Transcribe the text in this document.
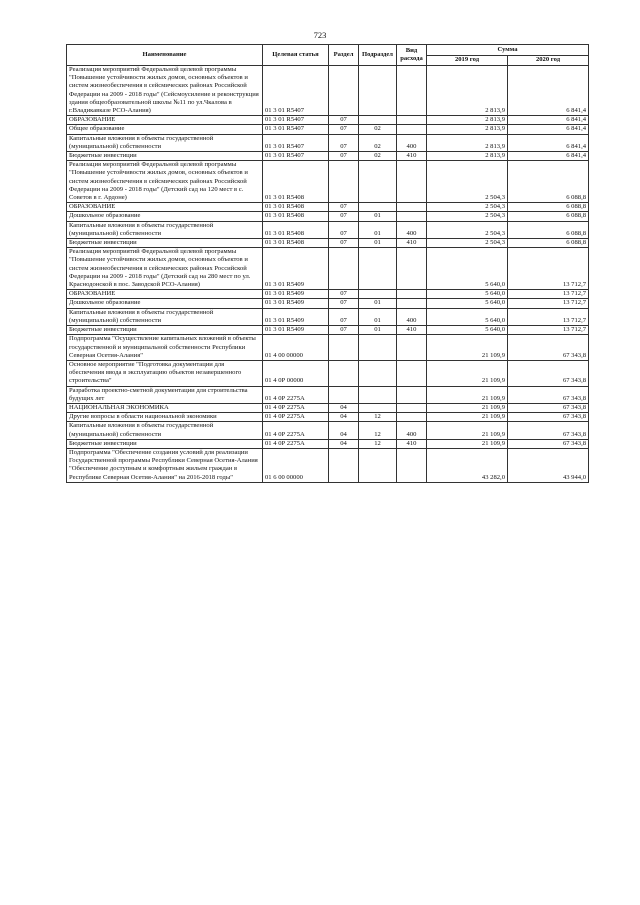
723
Наименование	Целевая статья	Раздел	Подраздел	Вид расхода	Сумма	
					2019 год	2020 год
Реализация мероприятий Федеральной целевой программы "Повышение устойчивости жилых домов, основных объектов и систем жизнеобеспечения в сейсмических районах Российской Федерации на 2009 - 2018 годы" (Сейсмоусиление и реконструкция здания общеобразовательной школы №11 по ул.Чкалова в г.Владикавказе РСО-Алания)	01 3 01 R5407				2 813,9	6 841,4
ОБРАЗОВАНИЕ	01 3 01 R5407	07			2 813,9	6 841,4
Общее образование	01 3 01 R5407	07	02		2 813,9	6 841,4
Капитальные вложения в объекты государственной (муниципальной) собственности	01 3 01 R5407	07	02	400	2 813,9	6 841,4
Бюджетные инвестиции	01 3 01 R5407	07	02	410	2 813,9	6 841,4
Реализация мероприятий Федеральной целевой программы "Повышение устойчивости жилых домов, основных объектов и систем жизнеобеспечения в сейсмических районах Российской Федерации на 2009 - 2018 годы" (Детский сад на 120 мест в с. Советов в г. Ардоне)	01 3 01 R5408				2 504,3	6 088,8
ОБРАЗОВАНИЕ	01 3 01 R5408	07			2 504,3	6 088,8
Дошкольное образование	01 3 01 R5408	07	01		2 504,3	6 088,8
Капитальные вложения в объекты государственной (муниципальной) собственности	01 3 01 R5408	07	01	400	2 504,3	6 088,8
Бюджетные инвестиции	01 3 01 R5408	07	01	410	2 504,3	6 088,8
Реализация мероприятий Федеральной целевой программы "Повышение устойчивости жилых домов, основных объектов и систем жизнеобеспечения в сейсмических районах Российской Федерации на 2009 - 2018 годы" (Детский сад на 280 мест по ул. Краснодонской в пос. Заводской РСО-Алания)	01 3 01 R5409				5 640,0	13 712,7
ОБРАЗОВАНИЕ	01 3 01 R5409	07			5 640,0	13 712,7
Дошкольное образование	01 3 01 R5409	07	01		5 640,0	13 712,7
Капитальные вложения в объекты государственной (муниципальной) собственности	01 3 01 R5409	07	01	400	5 640,0	13 712,7
Бюджетные инвестиции	01 3 01 R5409	07	01	410	5 640,0	13 712,7
Подпрограмма "Осуществление капитальных вложений в объекты государственной и муниципальной собственности Республики Северная Осетия-Алания"	01 4 00 00000				21 109,9	67 343,8
Основное мероприятие "Подготовка документации для обеспечения ввода в эксплуатацию объектов незавершенного строительства"	01 4 0Р 00000				21 109,9	67 343,8
Разработка проектно-сметной документации для строительства будущих лет	01 4 0Р 2275А				21 109,9	67 343,8
НАЦИОНАЛЬНАЯ ЭКОНОМИКА	01 4 0Р 2275А	04			21 109,9	67 343,8
Другие вопросы в области национальной экономики	01 4 0Р 2275А	04	12		21 109,9	67 343,8
Капитальные вложения в объекты государственной (муниципальной) собственности	01 4 0Р 2275А	04	12	400	21 109,9	67 343,8
Бюджетные инвестиции	01 4 0Р 2275А	04	12	410	21 109,9	67 343,8
Подпрограмма "Обеспечение создания условий для реализации Государственной программы Республики Северная Осетия-Алания "Обеспечение доступным и комфортным жильем граждан в Республике Северная Осетия-Алания" на 2016-2018 годы"	01 6 00 00000				43 282,0	43 944,0
